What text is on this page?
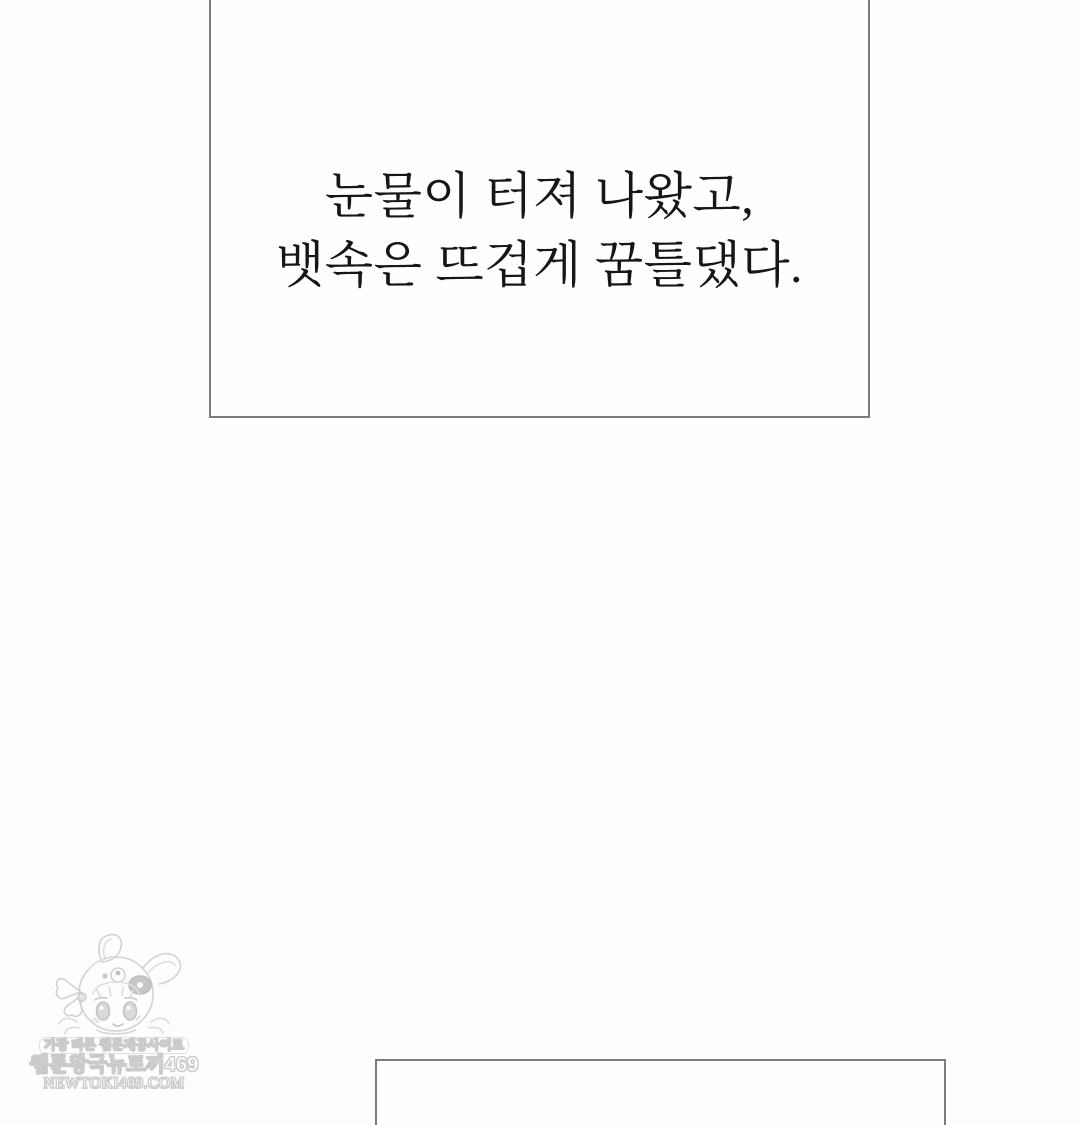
눈물이 터져 나왔고,
뱃속은 뜨겁게 꿈틀댔다.
가장 빠른 웹툰제공사이트
웹툰왕국뉴토끼469
NEWTOKI469.COM
